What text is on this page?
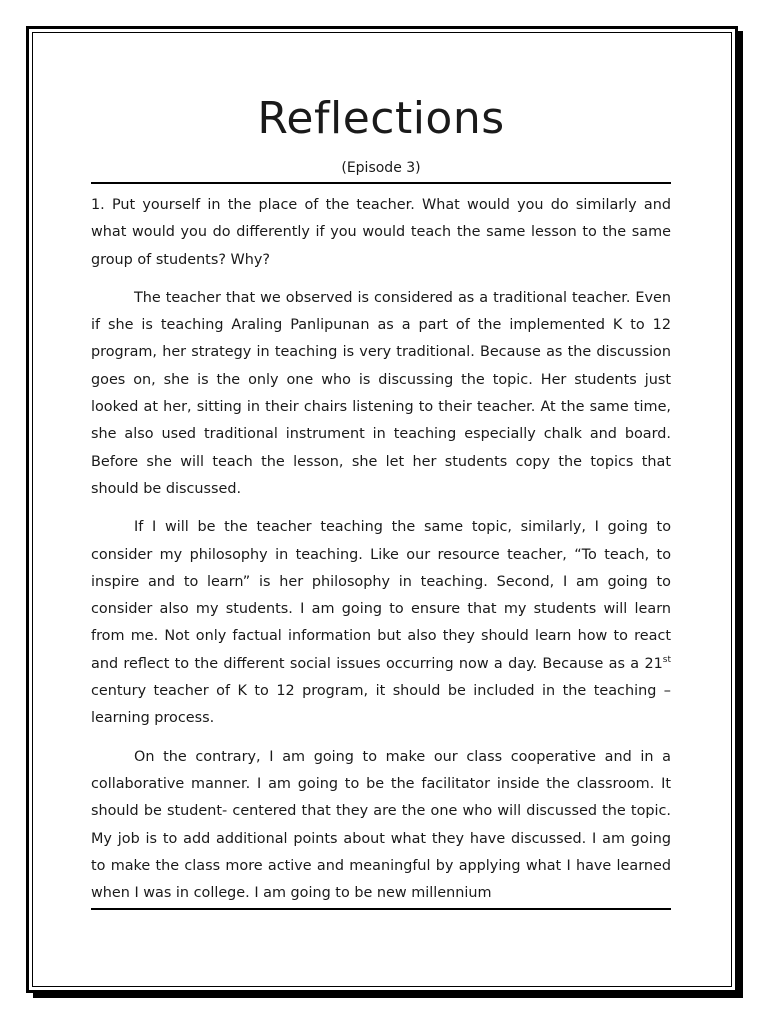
Reflections
(Episode 3)

1. Put yourself in the place of the teacher. What would you do similarly and what would you do differently if you would teach the same lesson to the same group of students? Why?

The teacher that we observed is considered as a traditional teacher. Even if she is teaching Araling Panlipunan as a part of the implemented K to 12 program, her strategy in teaching is very traditional. Because as the discussion goes on, she is the only one who is discussing the topic. Her students just looked at her, sitting in their chairs listening to their teacher. At the same time, she also used traditional instrument in teaching especially chalk and board. Before she will teach the lesson, she let her students copy the topics that should be discussed.

If I will be the teacher teaching the same topic, similarly, I going to consider my philosophy in teaching. Like our resource teacher, “To teach, to inspire and to learn” is her philosophy in teaching. Second, I am going to consider also my students. I am going to ensure that my students will learn from me. Not only factual information but also they should learn how to react and reflect to the different social issues occurring now a day. Because as a 21st century teacher of K to 12 program, it should be included in the teaching – learning process.

On the contrary, I am going to make our class cooperative and in a collaborative manner. I am going to be the facilitator inside the classroom. It should be student- centered that they are the one who will discussed the topic. My job is to add additional points about what they have discussed. I am going to make the class more active and meaningful by applying what I have learned when I was in college. I am going to be new millennium
